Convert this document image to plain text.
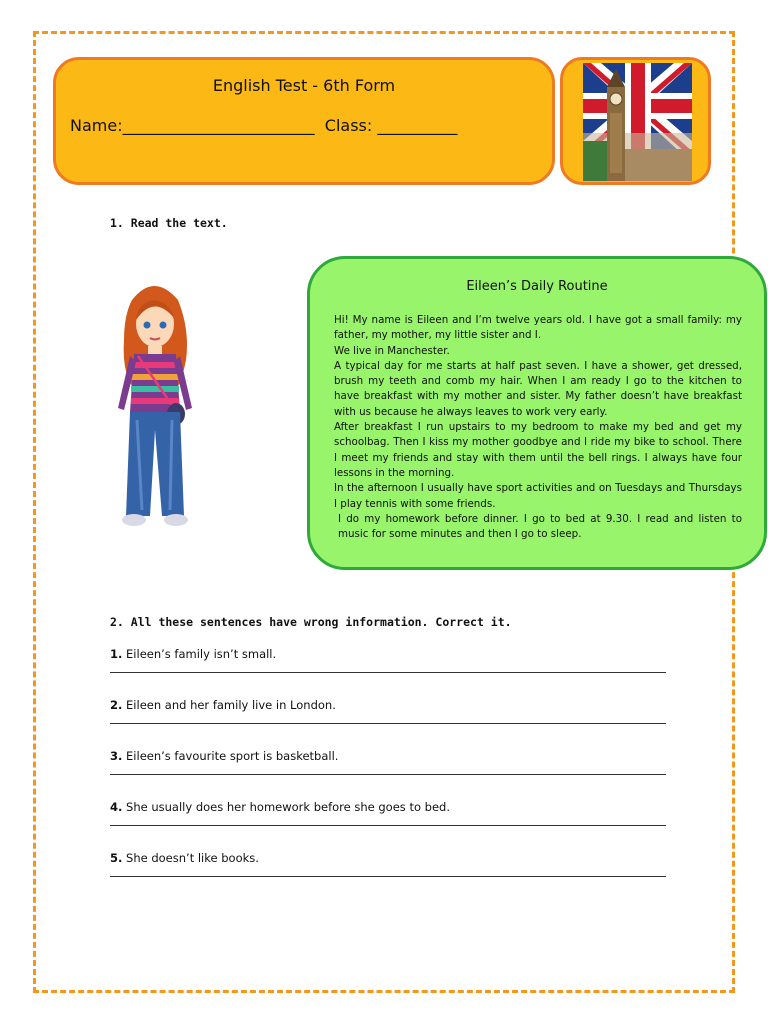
English Test - 6th Form
Name:________________________ Class: __________
1. Read the text.
Eileen’s Daily Routine

Hi! My name is Eileen and I’m twelve years old. I have got a small family: my father, my mother, my little sister and I.

We live in Manchester.

A typical day for me starts at half past seven. I have a shower, get dressed, brush my teeth and comb my hair. When I am ready I go to the kitchen to have breakfast with my mother and sister. My father doesn’t have breakfast with us because he always leaves to work very early.

After breakfast I run upstairs to my bedroom to make my bed and get my schoolbag. Then I kiss my mother goodbye and I ride my bike to school. There I meet my friends and stay with them until the bell rings. I always have four lessons in the morning.

In the afternoon I usually have sport activities and on Tuesdays and Thursdays I play tennis with some friends.

I do my homework before dinner. I go to bed at 9.30. I read and listen to music for some minutes and then I go to sleep.

2. All these sentences have wrong information. Correct it.
1. Eileen’s family isn’t small.
2. Eileen and her family live in London.
3. Eileen’s favourite sport is basketball.
4. She usually does her homework before she goes to bed.
5. She doesn’t like books.
